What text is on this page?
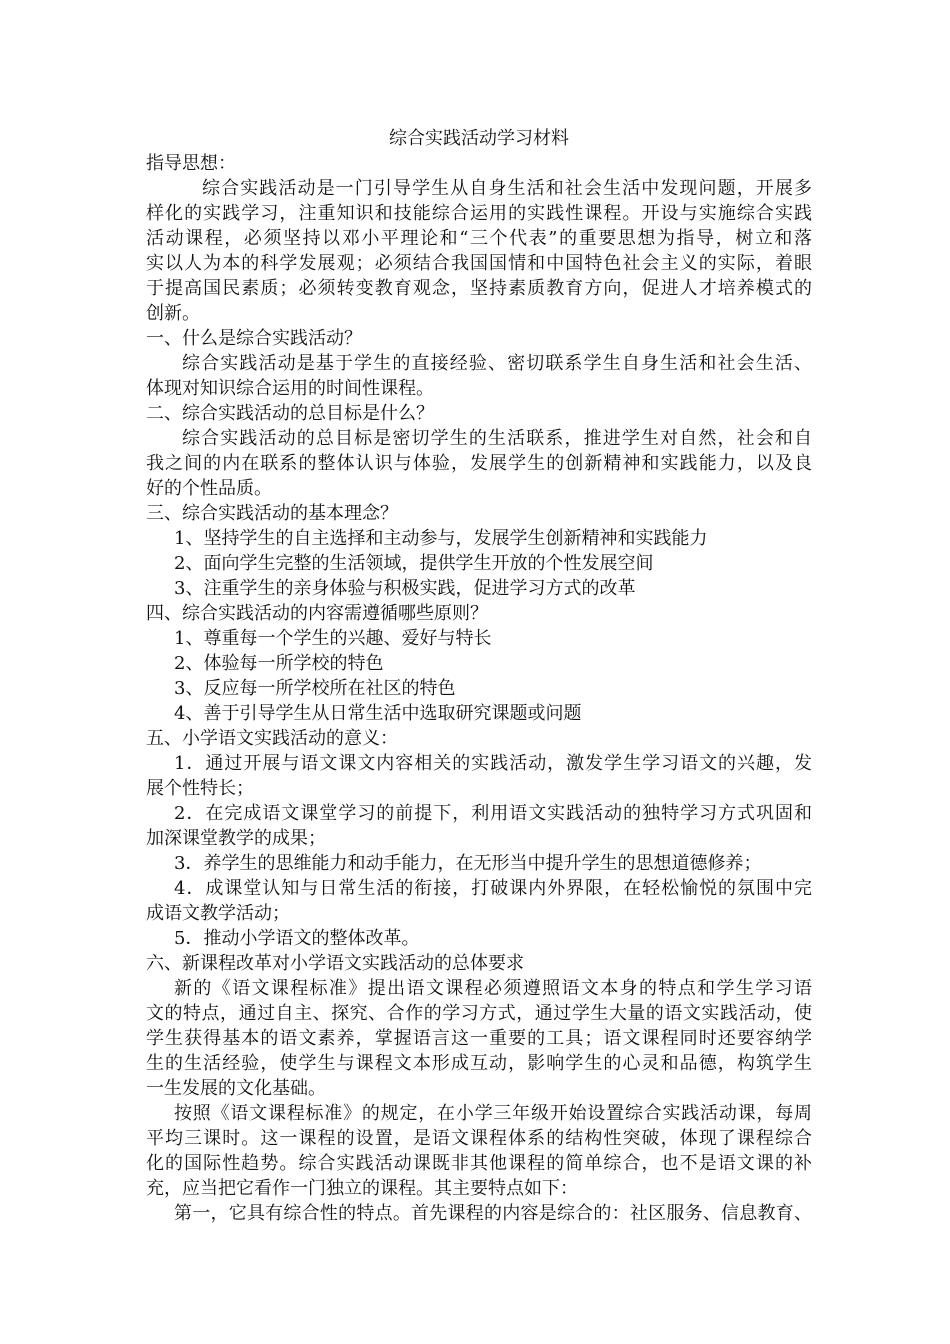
综合实践活动学习材料
指导思想：
综合实践活动是一门引导学生从自身生活和社会生活中发现问题，开展多
样化的实践学习，注重知识和技能综合运用的实践性课程。开设与实施综合实践
活动课程，必须坚持以邓小平理论和“三个代表”的重要思想为指导，树立和落
实以人为本的科学发展观；必须结合我国国情和中国特色社会主义的实际，着眼
于提高国民素质；必须转变教育观念，坚持素质教育方向，促进人才培养模式的
创新。
一、什么是综合实践活动？
综合实践活动是基于学生的直接经验、密切联系学生自身生活和社会生活、
体现对知识综合运用的时间性课程。
二、综合实践活动的总目标是什么？
综合实践活动的总目标是密切学生的生活联系，推进学生对自然，社会和自
我之间的内在联系的整体认识与体验，发展学生的创新精神和实践能力，以及良
好的个性品质。
三、综合实践活动的基本理念？
1、坚持学生的自主选择和主动参与，发展学生创新精神和实践能力
2、面向学生完整的生活领域，提供学生开放的个性发展空间
3、注重学生的亲身体验与积极实践，促进学习方式的改革
四、综合实践活动的内容需遵循哪些原则？
1、尊重每一个学生的兴趣、爱好与特长
2、体验每一所学校的特色
3、反应每一所学校所在社区的特色
4、善于引导学生从日常生活中选取研究课题或问题
五、小学语文实践活动的意义：
1．通过开展与语文课文内容相关的实践活动，激发学生学习语文的兴趣，发
展个性特长；
2．在完成语文课堂学习的前提下，利用语文实践活动的独特学习方式巩固和
加深课堂教学的成果；
3．养学生的思维能力和动手能力，在无形当中提升学生的思想道德修养；
4．成课堂认知与日常生活的衔接，打破课内外界限，在轻松愉悦的氛围中完
成语文教学活动；
5．推动小学语文的整体改革。
六、新课程改革对小学语文实践活动的总体要求
新的《语文课程标准》提出语文课程必须遵照语文本身的特点和学生学习语
文的特点，通过自主、探究、合作的学习方式，通过学生大量的语文实践活动，使
学生获得基本的语文素养，掌握语言这一重要的工具；语文课程同时还要容纳学
生的生活经验，使学生与课程文本形成互动，影响学生的心灵和品德，构筑学生
一生发展的文化基础。
按照《语文课程标准》的规定，在小学三年级开始设置综合实践活动课，每周
平均三课时。这一课程的设置，是语文课程体系的结构性突破，体现了课程综合
化的国际性趋势。综合实践活动课既非其他课程的简单综合，也不是语文课的补
充，应当把它看作一门独立的课程。其主要特点如下：
第一，它具有综合性的特点。首先课程的内容是综合的：社区服务、信息教育、
